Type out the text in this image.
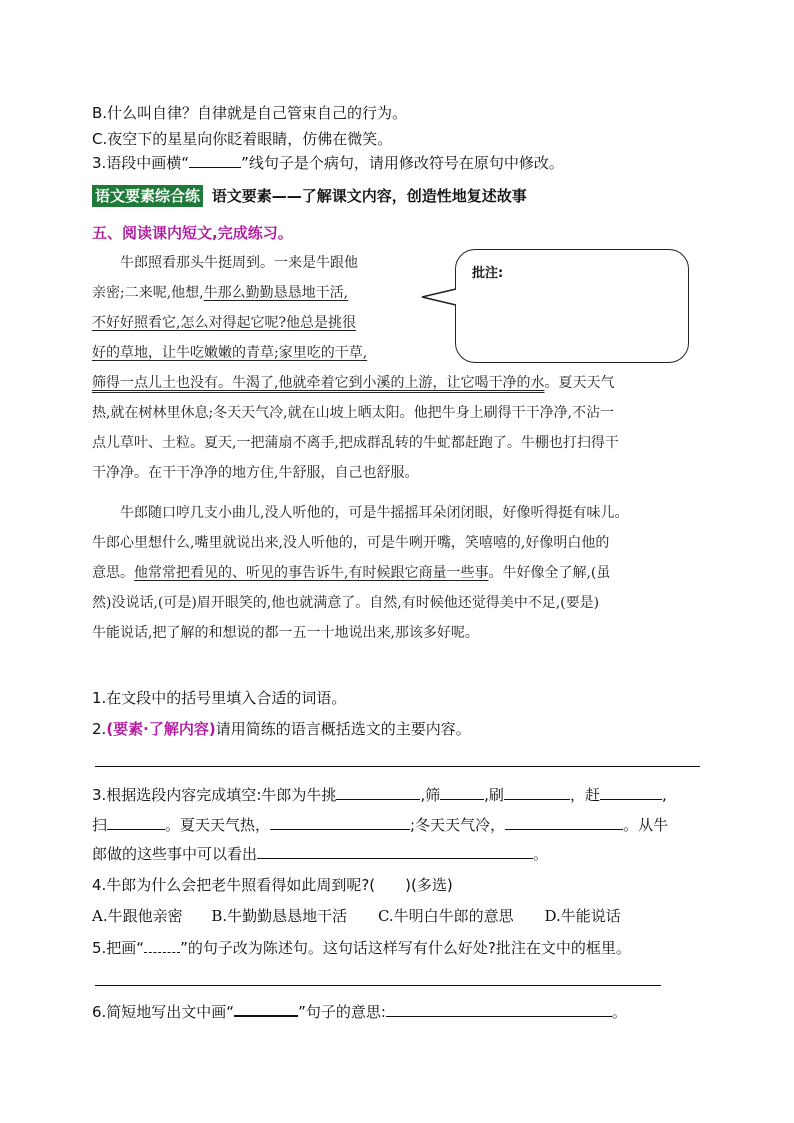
B.什么叫自律？自律就是自己管束自己的行为。
C.夜空下的星星向你眨着眼睛，仿佛在微笑。
3.语段中画横“	”线句子是个病句，请用修改符号在原句中修改。
语文要素综合练 语文要素——了解课文内容，创造性地复述故事
五、阅读课内短文,完成练习。
批注:
牛郎照看那头牛挺周到。一来是牛跟他
亲密;二来呢,他想,牛那么勤勤恳恳地干活,
不好好照看它,怎么对得起它呢?他总是挑很
好的草地，让牛吃嫩嫩的青草;家里吃的干草,
筛得一点儿土也没有。牛渴了,他就牵着它到小溪的上游，让它喝干净的水。夏天天气
热,就在树林里休息;冬天天气冷,就在山坡上晒太阳。他把牛身上刷得干干净净,不沾一
点儿草叶、土粒。夏天,一把蒲扇不离手,把成群乱转的牛虻都赶跑了。牛棚也打扫得干
干净净。在干干净净的地方住,牛舒服，自己也舒服。
牛郎随口哼几支小曲儿,没人听他的，可是牛摇摇耳朵闭闭眼，好像听得挺有味儿。
牛郎心里想什么,嘴里就说出来,没人听他的，可是牛咧开嘴，笑嘻嘻的,好像明白他的
意思。他常常把看见的、听见的事告诉牛,有时候跟它商量一些事。牛好像全了解,(虽
然)没说话,(可是)眉开眼笑的,他也就满意了。自然,有时候他还觉得美中不足,(要是)
牛能说话,把了解的和想说的都一五一十地说出来,那该多好呢。
1.在文段中的括号里填入合适的词语。
2.(要素·了解内容)请用简练的语言概括选文的主要内容。
3.根据选段内容完成填空:牛郎为牛挑	,筛	,刷	，赶	,
扫	。夏天天气热，	;冬天天气冷，	。从牛
郎做的这些事中可以看出	。
4.牛郎为什么会把老牛照看得如此周到呢?(　　)(多选)
A.牛跟他亲密 B.牛勤勤恳恳地干活 C.牛明白牛郎的意思 D.牛能说话
5.把画“ ”的句子改为陈述句。这句话这样写有什么好处?批注在文中的框里。
6.简短地写出文中画“	”句子的意思:	。
